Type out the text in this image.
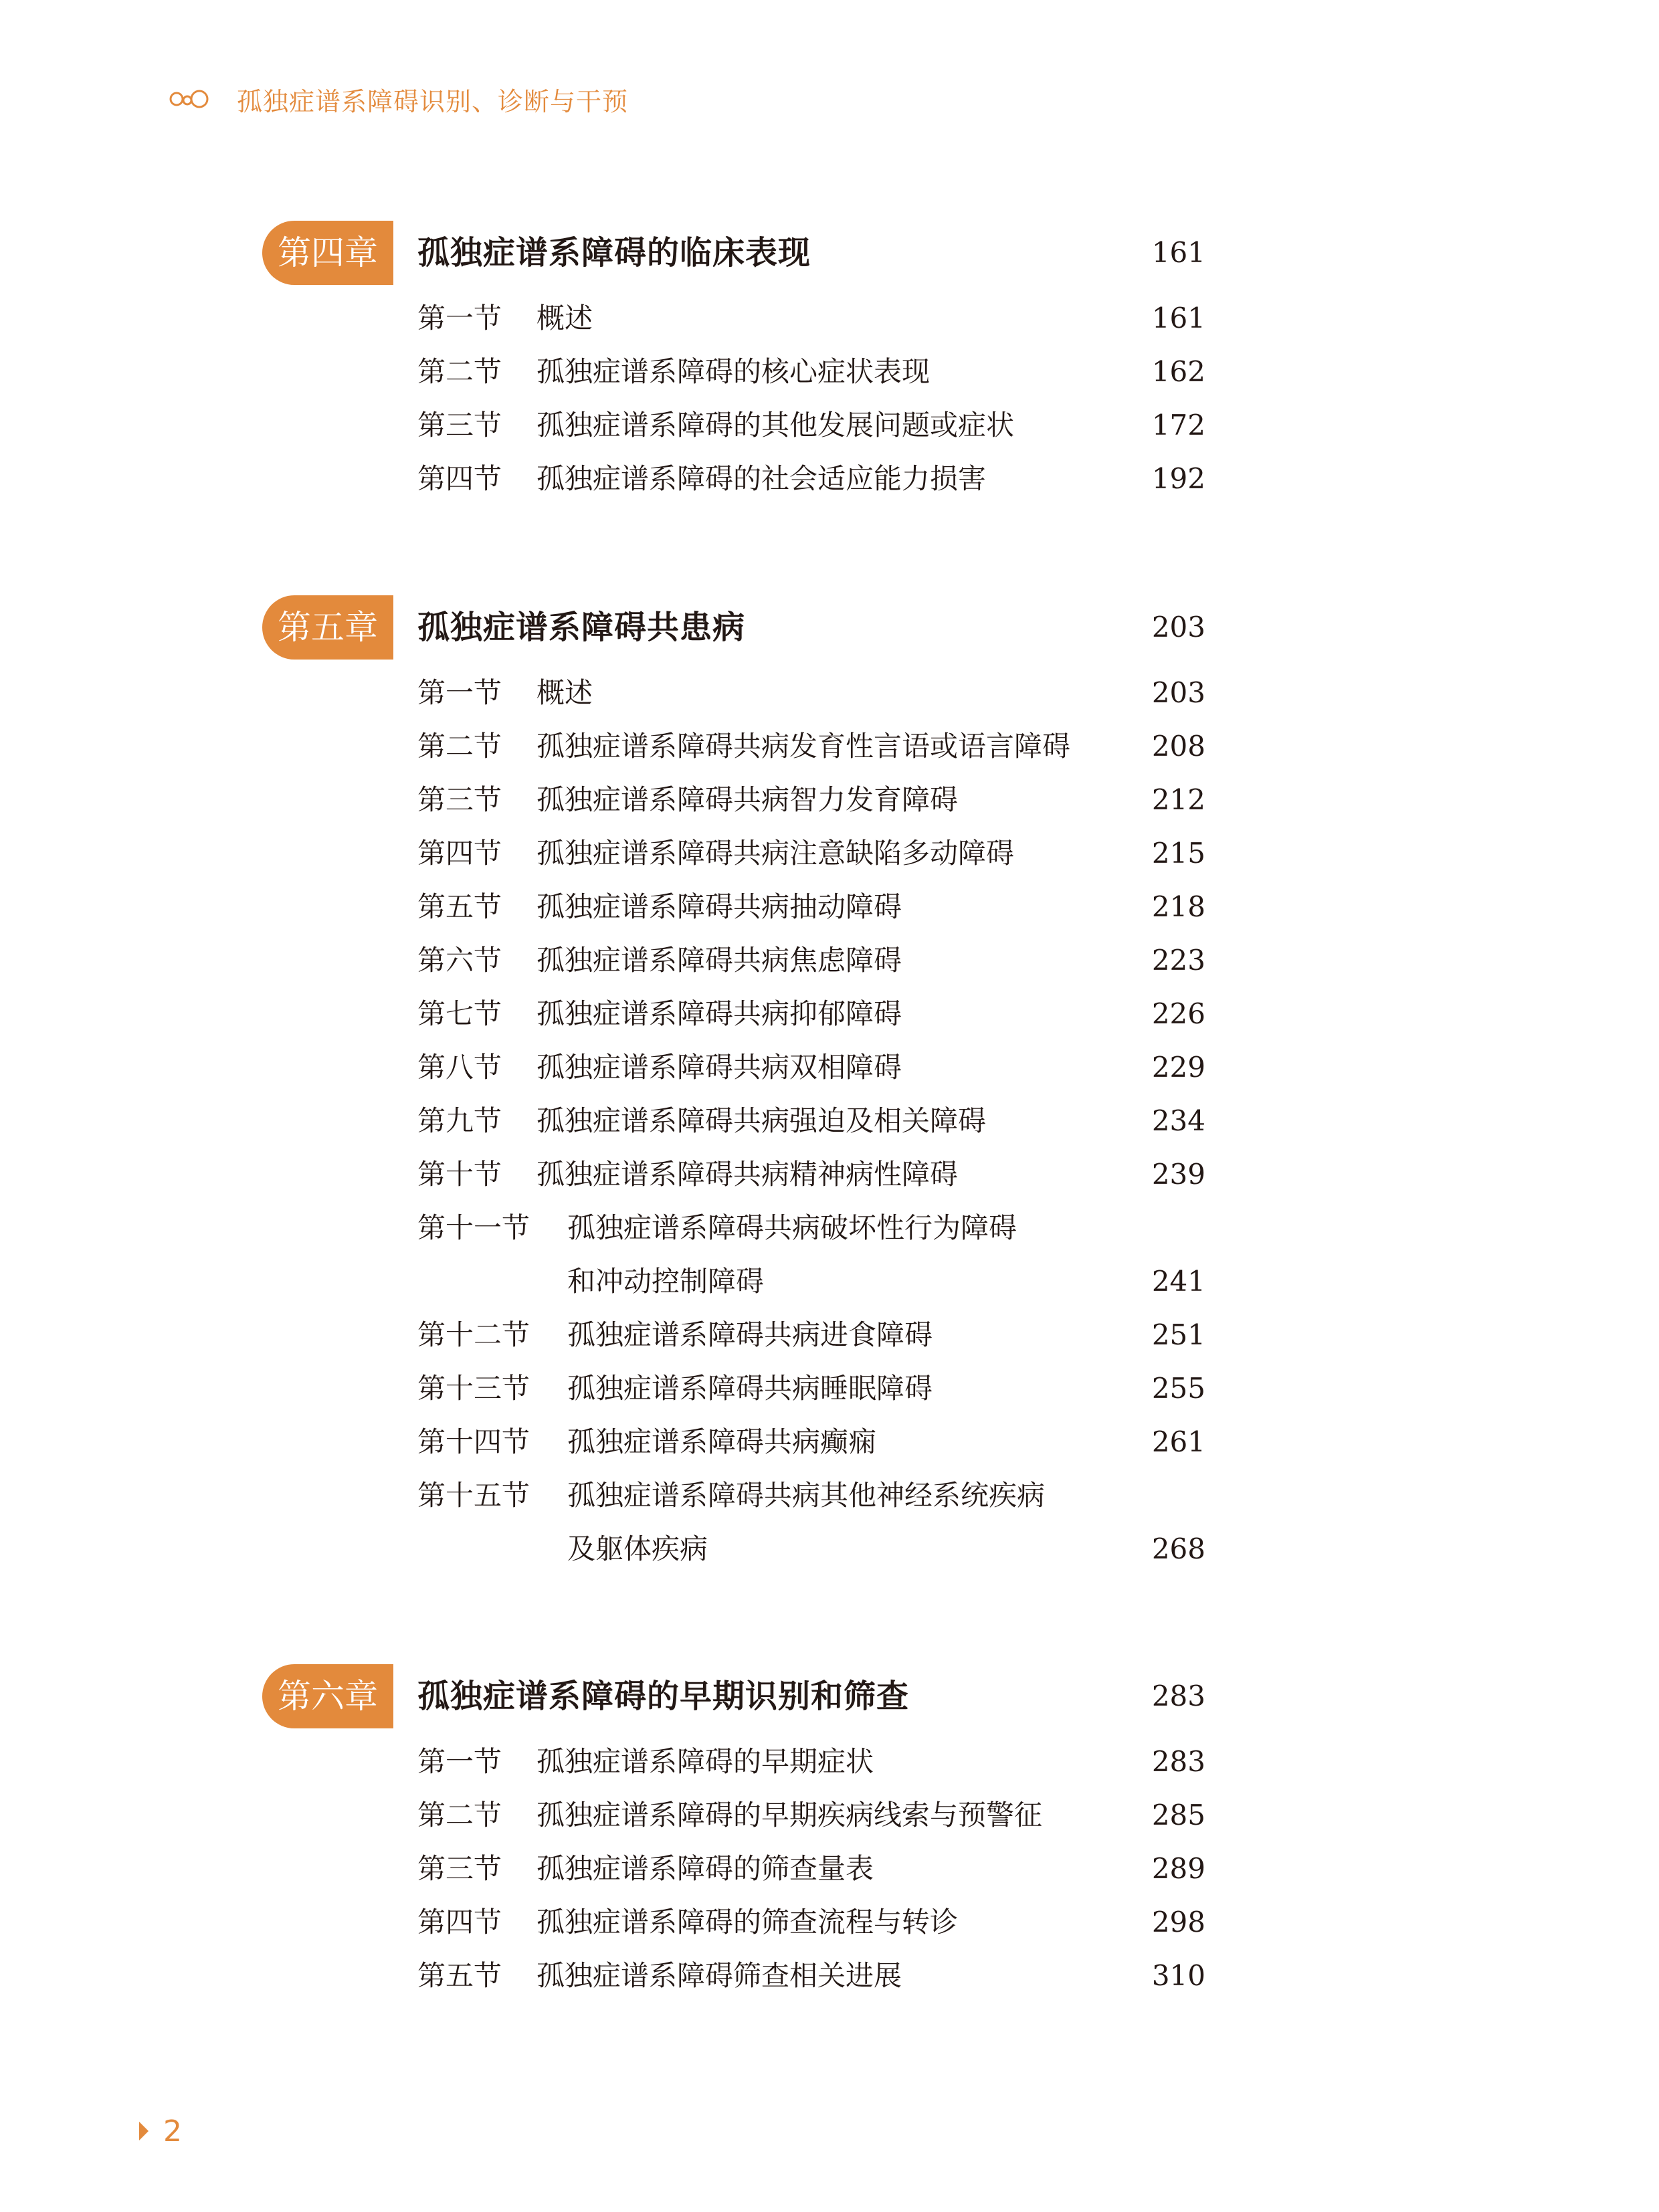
孤独症谱系障碍识别、诊断与干预
第四章	孤独症谱系障碍的临床表现	161
第一节 概述	161
第二节 孤独症谱系障碍的核心症状表现	162
第三节 孤独症谱系障碍的其他发展问题或症状	172
第四节 孤独症谱系障碍的社会适应能力损害	192
第五章	孤独症谱系障碍共患病	203
第一节 概述	203
第二节 孤独症谱系障碍共病发育性言语或语言障碍	208
第三节 孤独症谱系障碍共病智力发育障碍	212
第四节 孤独症谱系障碍共病注意缺陷多动障碍	215
第五节 孤独症谱系障碍共病抽动障碍	218
第六节 孤独症谱系障碍共病焦虑障碍	223
第七节 孤独症谱系障碍共病抑郁障碍	226
第八节 孤独症谱系障碍共病双相障碍	229
第九节 孤独症谱系障碍共病强迫及相关障碍	234
第十节 孤独症谱系障碍共病精神病性障碍	239
第十一节 孤独症谱系障碍共病破坏性行为障碍
和冲动控制障碍	241
第十二节 孤独症谱系障碍共病进食障碍	251
第十三节 孤独症谱系障碍共病睡眠障碍	255
第十四节 孤独症谱系障碍共病癫痫	261
第十五节 孤独症谱系障碍共病其他神经系统疾病
及躯体疾病	268
第六章	孤独症谱系障碍的早期识别和筛查	283
第一节 孤独症谱系障碍的早期症状	283
第二节 孤独症谱系障碍的早期疾病线索与预警征	285
第三节 孤独症谱系障碍的筛查量表	289
第四节 孤独症谱系障碍的筛查流程与转诊	298
第五节 孤独症谱系障碍筛查相关进展	310
2
